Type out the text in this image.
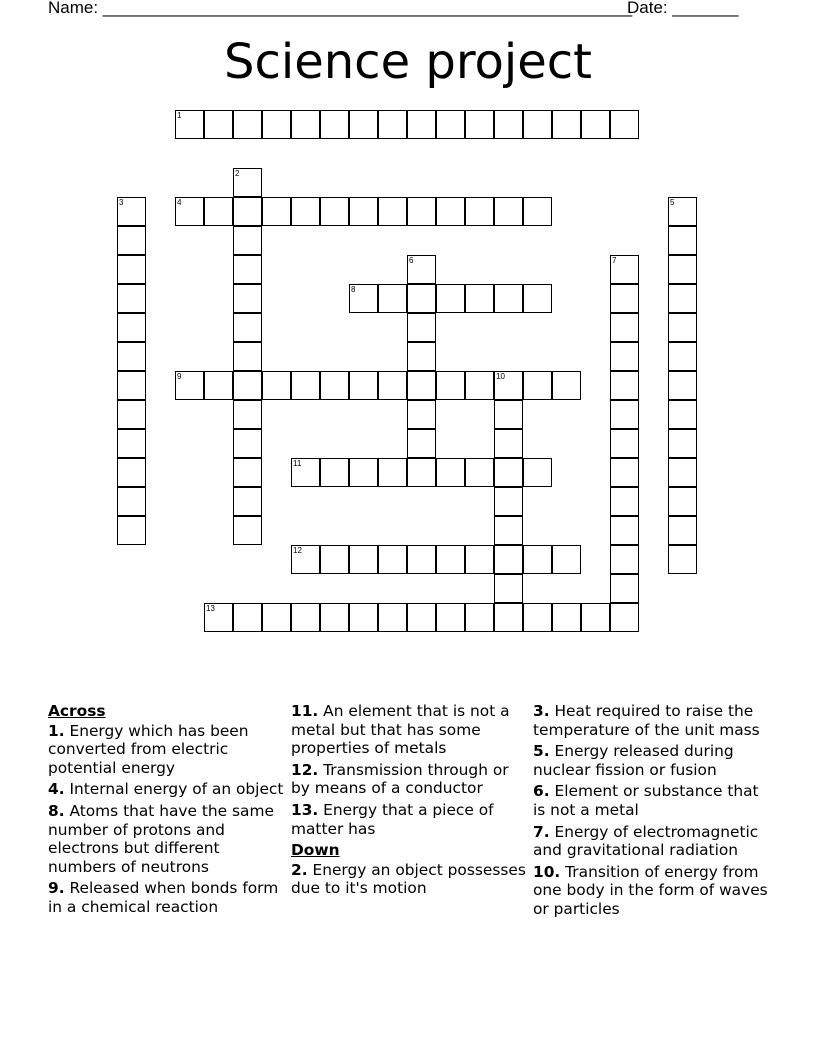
Name: ________________________________________________________
Date: _______
Science project
1
2
3	4	5
6	7
8
9	10
11
12
13
Across
1. Energy which has been converted from electric potential energy
4. Internal energy of an object
8. Atoms that have the same number of protons and electrons but different numbers of neutrons
9. Released when bonds form in a chemical reaction
11. An element that is not a metal but that has some properties of metals
12. Transmission through or by means of a conductor
13. Energy that a piece of matter has
Down
2. Energy an object possesses due to it's motion
3. Heat required to raise the temperature of the unit mass
5. Energy released during nuclear fission or fusion
6. Element or substance that is not a metal
7. Energy of electromagnetic and gravitational radiation
10. Transition of energy from one body in the form of waves or particles
